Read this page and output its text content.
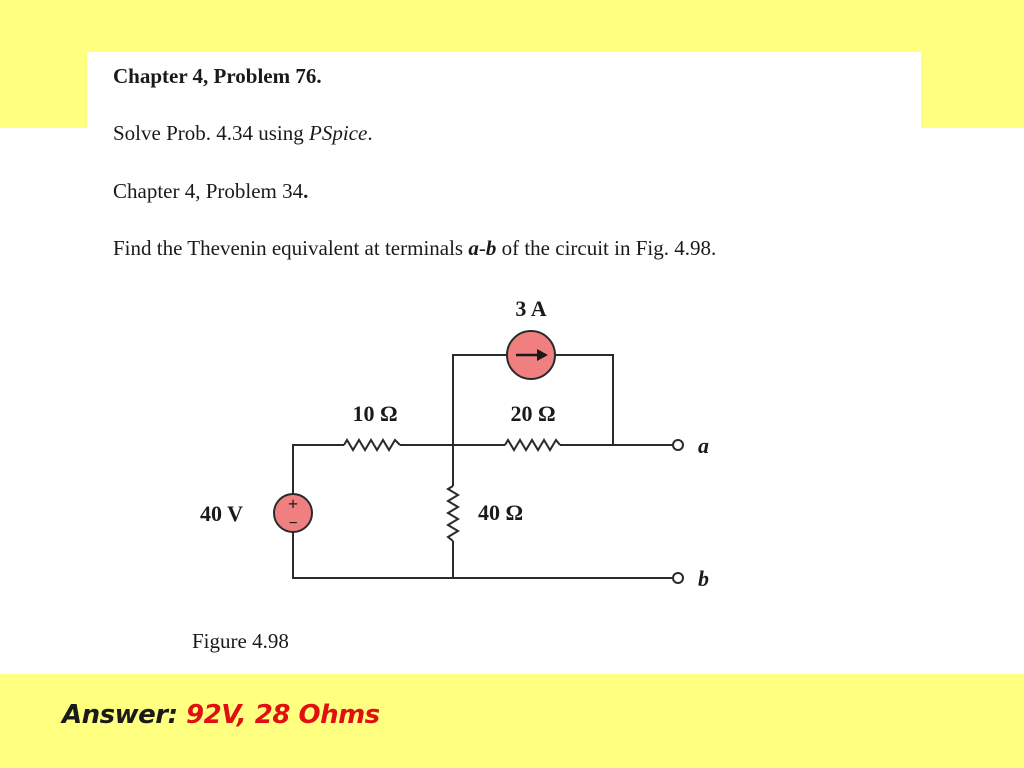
Chapter 4, Problem 76.
Solve Prob. 4.34 using PSpice.
Chapter 4, Problem 34.
Find the Thevenin equivalent at terminals a-b of the circuit in Fig. 4.98.
3 A
10 Ω	20 Ω
40 Ω
40 V +
−
a
b
Figure 4.98
Answer: 92V, 28 Ohms
